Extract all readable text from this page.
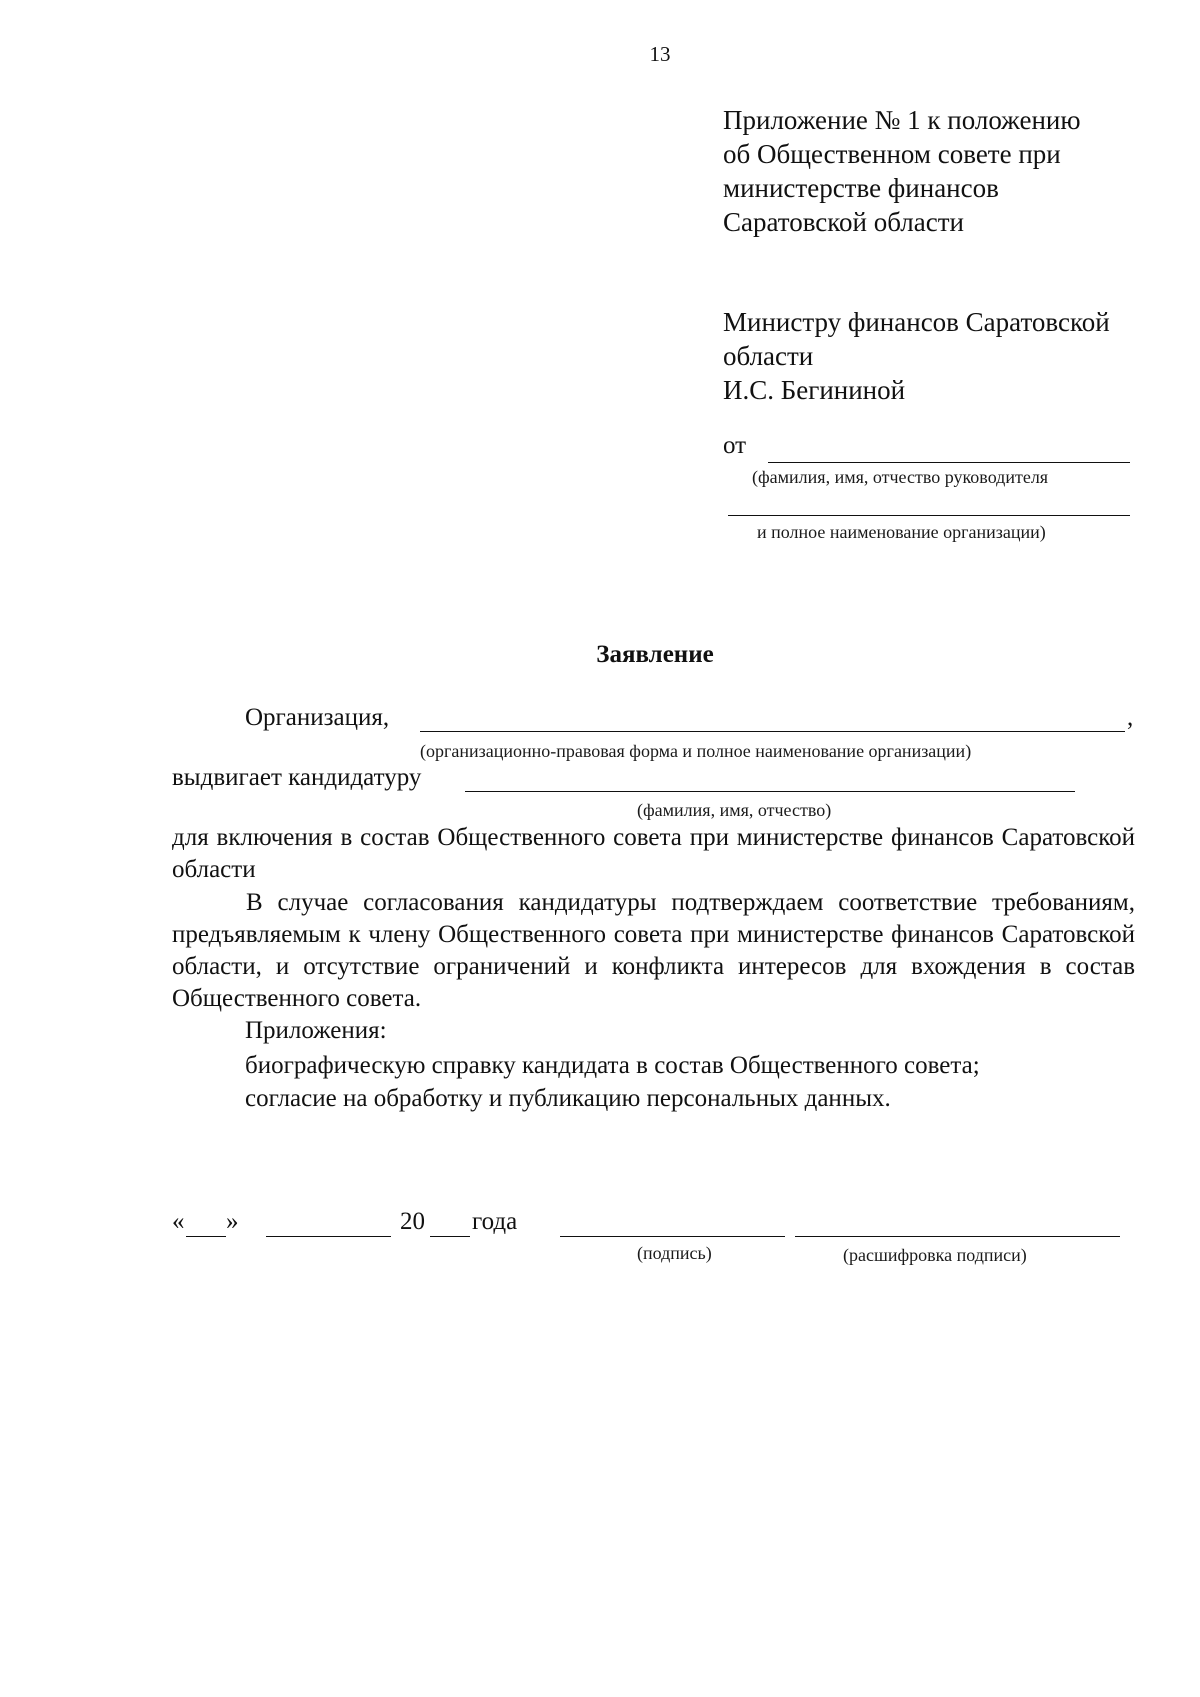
13
Приложение № 1 к положению
об Общественном совете при
министерстве финансов
Саратовской области
Министру финансов Саратовской
области
И.С. Бегининой
от
(фамилия, имя, отчество руководителя
и полное наименование организации)
Заявление
Организация,	,
(организационно-правовая форма и полное наименование организации)
выдвигает кандидатуру
(фамилия, имя, отчество)
для включения в состав Общественного совета при министерстве финансов Саратовской области
В случае согласования кандидатуры подтверждаем соответствие требованиям, предъявляемым к члену Общественного совета при министерстве финансов Саратовской области, и отсутствие ограничений и конфликта интересов для вхождения в состав Общественного совета.
Приложения:
биографическую справку кандидата в состав Общественного совета;
согласие на обработку и публикацию персональных данных.
« »	20 года
(подпись)	(расшифровка подписи)
